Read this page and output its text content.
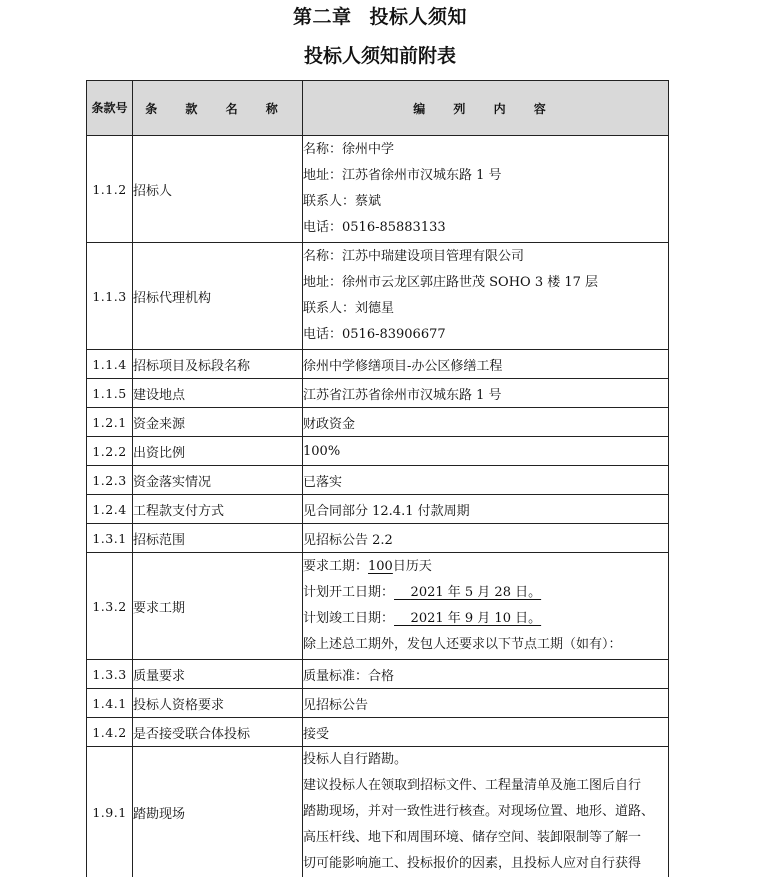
第二章 投标人须知
投标人须知前附表
条款号	条 款 名 称	编 列 内 容
1.1.2	招标人	名称：徐州中学
地址：江苏省徐州市汉城东路 1 号
联系人：蔡斌
电话：0516-85883133

1.1.3	招标代理机构	名称：江苏中瑞建设项目管理有限公司
地址：徐州市云龙区郭庄路世茂 SOHO 3 楼 17 层
联系人：刘德星
电话：0516-83906677

1.1.4	招标项目及标段名称	徐州中学修缮项目-办公区修缮工程
1.1.5	建设地点	江苏省江苏省徐州市汉城东路 1 号
1.2.1	资金来源	财政资金
1.2.2	出资比例	100%
1.2.3	资金落实情况	已落实
1.2.4	工程款支付方式	见合同部分 12.4.1 付款周期
1.3.1	招标范围	见招标公告 2.2
1.3.2	要求工期	要求工期：100日历天
计划开工日期： 2021 年 5 月 28 日。
计划竣工日期： 2021 年 9 月 10 日。
除上述总工期外，发包人还要求以下节点工期（如有）：

1.3.3	质量要求	质量标准：合格
1.4.1	投标人资格要求	见招标公告
1.4.2	是否接受联合体投标	接受
1.9.1	踏勘现场	投标人自行踏勘。
建议投标人在领取到招标文件、工程量清单及施工图后自行
踏勘现场，并对一致性进行核查。对现场位置、地形、道路、
高压杆线、地下和周围环境、储存空间、装卸限制等了解一
切可能影响施工、投标报价的因素，且投标人应对自行获得
